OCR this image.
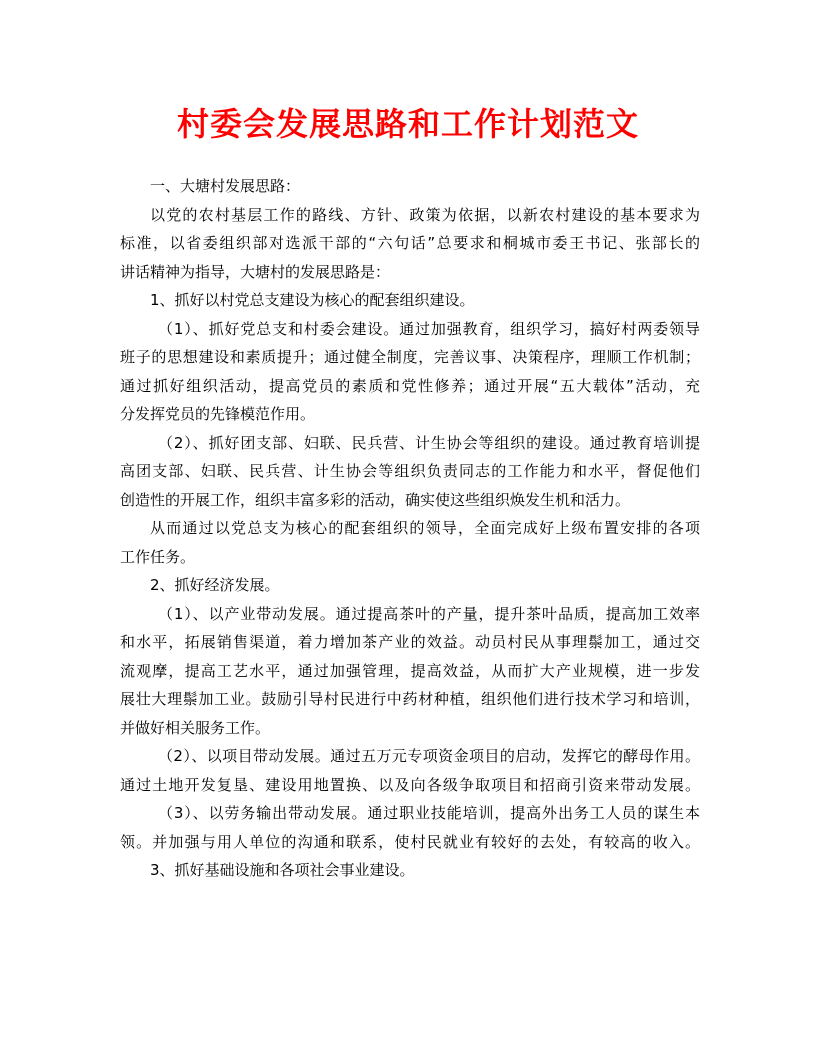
村委会发展思路和工作计划范文
一、大塘村发展思路：
以党的农村基层工作的路线、方针、政策为依据，以新农村建设的基本要求为
标准，以省委组织部对选派干部的“六句话”总要求和桐城市委王书记、张部长的
讲话精神为指导，大塘村的发展思路是：
1、抓好以村党总支建设为核心的配套组织建设。
（1）、抓好党总支和村委会建设。通过加强教育，组织学习，搞好村两委领导
班子的思想建设和素质提升；通过健全制度，完善议事、决策程序，理顺工作机制；
通过抓好组织活动，提高党员的素质和党性修养；通过开展“五大载体”活动，充
分发挥党员的先锋模范作用。
（2）、抓好团支部、妇联、民兵营、计生协会等组织的建设。通过教育培训提
高团支部、妇联、民兵营、计生协会等组织负责同志的工作能力和水平，督促他们
创造性的开展工作，组织丰富多彩的活动，确实使这些组织焕发生机和活力。
从而通过以党总支为核心的配套组织的领导，全面完成好上级布置安排的各项
工作任务。
2、抓好经济发展。
（1）、以产业带动发展。通过提高茶叶的产量，提升茶叶品质，提高加工效率
和水平，拓展销售渠道，着力增加茶产业的效益。动员村民从事理鬃加工，通过交
流观摩，提高工艺水平，通过加强管理，提高效益，从而扩大产业规模，进一步发
展壮大理鬃加工业。鼓励引导村民进行中药材种植，组织他们进行技术学习和培训，
并做好相关服务工作。
（2）、以项目带动发展。通过五万元专项资金项目的启动，发挥它的酵母作用。
通过土地开发复垦、建设用地置换、以及向各级争取项目和招商引资来带动发展。
（3）、以劳务输出带动发展。通过职业技能培训，提高外出务工人员的谋生本
领。并加强与用人单位的沟通和联系，使村民就业有较好的去处，有较高的收入。
3、抓好基础设施和各项社会事业建设。
